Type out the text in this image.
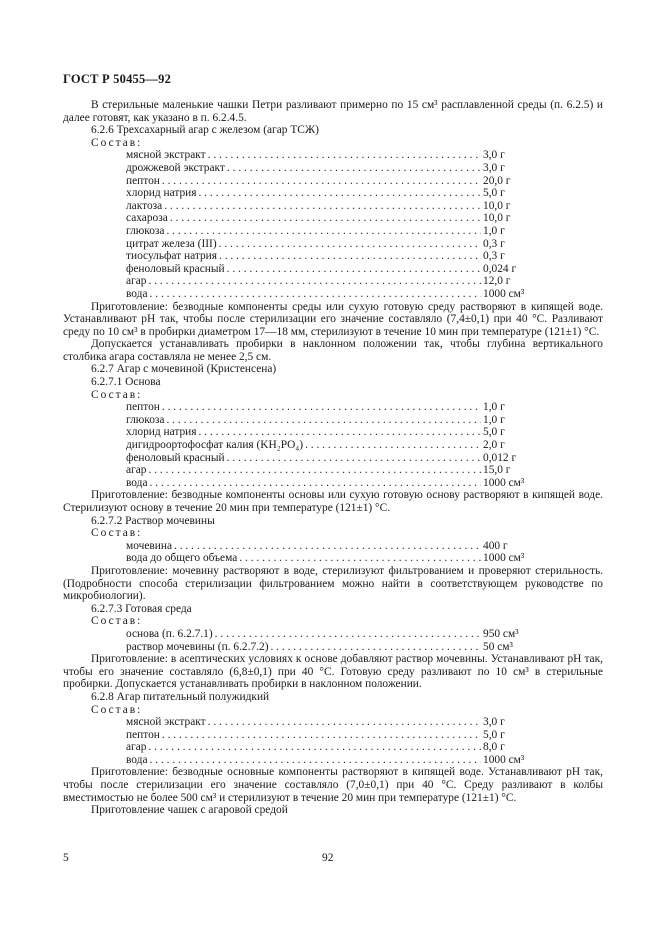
ГОСТ Р 50455—92
В стерильные маленькие чашки Петри разливают примерно по 15 см³ расплавленной среды (п. 6.2.5) и далее готовят, как указано в п. 6.2.4.5.
6.2.6 Трехсахарный агар с железом (агар ТСЖ)
Состав:
мясной экстракт . . .	3,0 г
дрожжевой экстракт . . .	3,0 г
пептон . . .	20,0 г
хлорид натрия . . .	5,0 г
лактоза . . .	10,0 г
сахароза . . .	10,0 г
глюкоза . . .	1,0 г
цитрат железа (III) . . .	0,3 г
тиосульфат натрия . . .	0,3 г
феноловый красный . . .	0,024 г
агар . . .	12,0 г
вода . . .	1000 см³
Приготовление: безводные компоненты среды или сухую готовую среду растворяют в кипящей воде. Устанавливают pH так, чтобы после стерилизации его значение составляло (7,4±0,1) при 40 °С. Разливают среду по 10 см³ в пробирки диаметром 17—18 мм, стерилизуют в течение 10 мин при температуре (121±1) °С.
Допускается устанавливать пробирки в наклонном положении так, чтобы глубина вертикального столбика агара составляла не менее 2,5 см.
6.2.7 Агар с мочевиной (Кристенсена)
6.2.7.1 Основа
Состав:
пептон . . .	1,0 г
глюкоза . . .	1,0 г
хлорид натрия . . .	5,0 г
дигидроортофосфат калия (KH₂PO₄) . . .	2,0 г
феноловый красный . . .	0,012 г
агар . . .	15,0 г
вода . . .	1000 см³
Приготовление: безводные компоненты основы или сухую готовую основу растворяют в кипящей воде. Стерилизуют основу в течение 20 мин при температуре (121±1) °С.
6.2.7.2 Раствор мочевины
Состав:
мочевина . . .	400 г
вода до общего объема . . .	1000 см³
Приготовление: мочевину растворяют в воде, стерилизуют фильтрованием и проверяют стерильность. (Подробности способа стерилизации фильтрованием можно найти в соответствующем руководстве по микробиологии).
6.2.7.3 Готовая среда
Состав:
основа (п. 6.2.7.1) . . .	950 см³
раствор мочевины (п. 6.2.7.2) . . .	50 см³
Приготовление: в асептических условиях к основе добавляют раствор мочевины. Устанавливают pH так, чтобы его значение составляло (6,8±0,1) при 40 °С. Готовую среду разливают по 10 см³ в стерильные пробирки. Допускается устанавливать пробирки в наклонном положении.
6.2.8 Агар питательный полужидкий
Состав:
мясной экстракт . . .	3,0 г
пептон . . .	5,0 г
агар . . .	8,0 г
вода . . .	1000 см³
Приготовление: безводные основные компоненты растворяют в кипящей воде. Устанавливают pH так, чтобы после стерилизации его значение составляло (7,0±0,1) при 40 °С. Среду разливают в колбы вместимостью не более 500 см³ и стерилизуют в течение 20 мин при температуре (121±1) °С.
Приготовление чашек с агаровой средой
5	92
